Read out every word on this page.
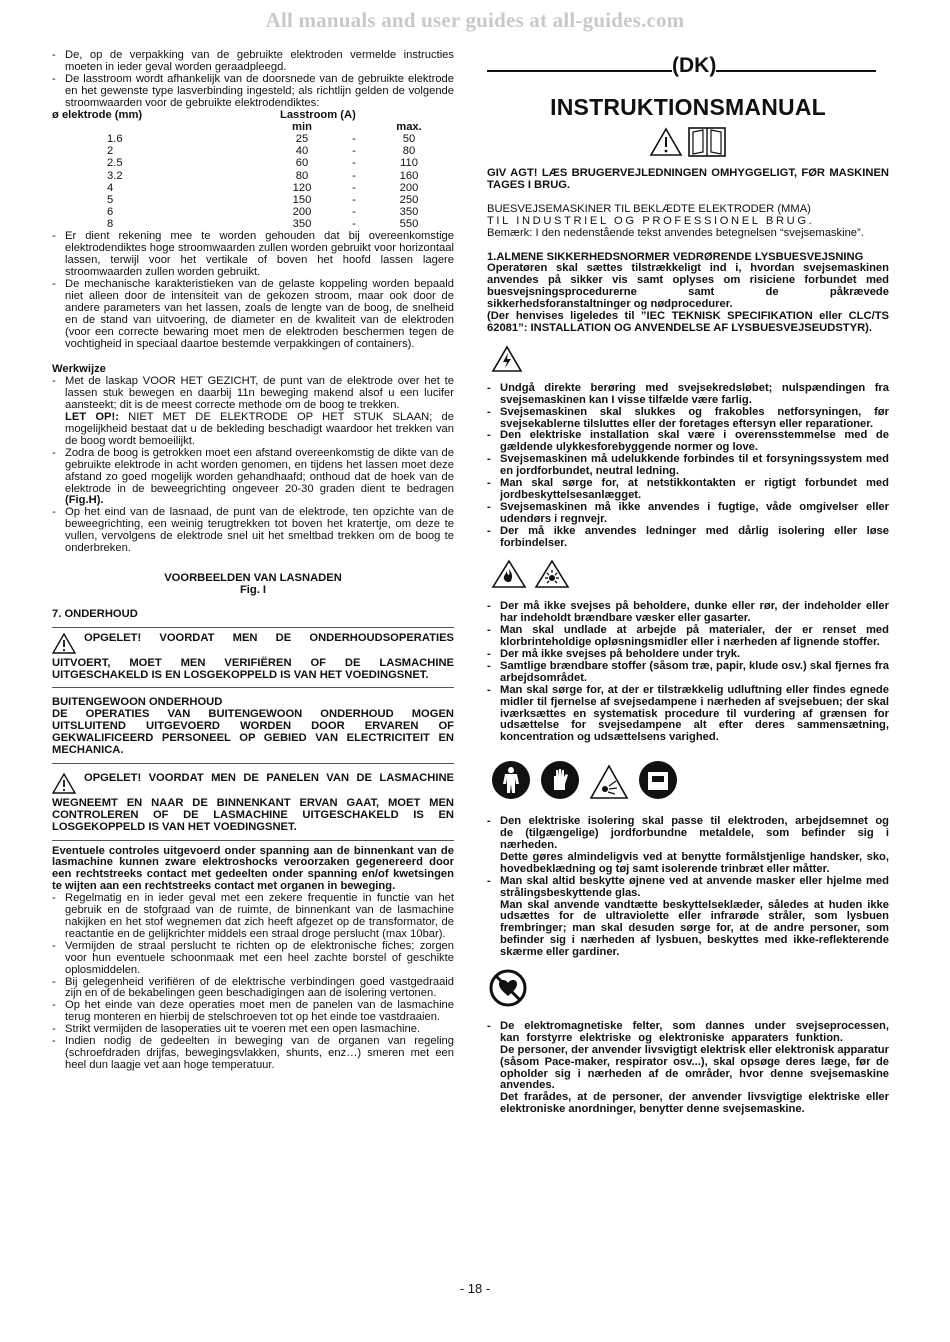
All manuals and user guides at all-guides.com
- De, op de verpakking van de gebruikte elektroden vermelde instructies moeten in ieder geval worden geraadpleegd.
- De lasstroom wordt afhankelijk van de doorsnede van de gebruikte elektrode en het gewenste type lasverbinding ingesteld; als richtlijn gelden de volgende stroomwaarden voor de gebruikte elektrodendiktes:
ø elektrode (mm)	Lasstroom (A)		
	min		max.
1.6	25	-	50
2	40	-	80
2.5	60	-	110
3.2	80	-	160
4	120	-	200
5	150	-	250
6	200	-	350
8	350	-	550
- Er dient rekening mee te worden gehouden dat bij overeenkomstige elektrodendiktes hoge stroomwaarden zullen worden gebruikt voor horizontaal lassen, terwijl voor het vertikale of boven het hoofd lassen lagere stroomwaarden zullen worden gebruikt.
- De mechanische karakteristieken van de gelaste koppeling worden bepaald niet alleen door de intensiteit van de gekozen stroom, maar ook door de andere parameters van het lassen, zoals de lengte van de boog, de snelheid en de stand van uitvoering, de diameter en de kwaliteit van de elektroden (voor een correcte bewaring moet men de elektroden beschermen tegen de vochtigheid in speciaal daartoe bestemde verpakkingen of containers).
Werkwijze
- Met de laskap VOOR HET GEZICHT, de punt van de elektrode over het te lassen stuk bewegen en daarbij 11n beweging makend alsof u een lucifer aansteekt; dit is de meest correcte methode om de boog te trekken.
LET OP!: NIET MET DE ELEKTRODE OP HET STUK SLAAN; de mogelijkheid bestaat dat u de bekleding beschadigt waardoor het trekken van de boog wordt bemoeilijkt.
- Zodra de boog is getrokken moet een afstand overeenkomstig de dikte van de gebruikte elektrode in acht worden genomen, en tijdens het lassen moet deze afstand zo goed mogelijk worden gehandhaafd; onthoud dat de hoek van de elektrode in de beweegrichting ongeveer 20-30 graden dient te bedragen (Fig.H).
- Op het eind van de lasnaad, de punt van de elektrode, ten opzichte van de beweegrichting, een weinig terugtrekken tot boven het kratertje, om deze te vullen, vervolgens de elektrode snel uit het smeltbad trekken om de boog te onderbreken.
VOORBEELDEN VAN LASNADEN
Fig. I
7. ONDERHOUD
OPGELET! VOORDAT MEN DE ONDERHOUDSOPERATIES UITVOERT, MOET MEN VERIFIËREN OF DE LASMACHINE UITGESCHAKELD IS EN LOSGEKOPPELD IS VAN HET VOEDINGSNET.
BUITENGEWOON ONDERHOUD
DE OPERATIES VAN BUITENGEWOON ONDERHOUD MOGEN UITSLUITEND UITGEVOERD WORDEN DOOR ERVAREN OF GEKWALIFICEERD PERSONEEL OP GEBIED VAN ELECTRICITEIT EN MECHANICA.
OPGELET! VOORDAT MEN DE PANELEN VAN DE LASMACHINE WEGNEEMT EN NAAR DE BINNENKANT ERVAN GAAT, MOET MEN CONTROLEREN OF DE LASMACHINE UITGESCHAKELD IS EN LOSGEKOPPELD IS VAN HET VOEDINGSNET.
Eventuele controles uitgevoerd onder spanning aan de binnenkant van de lasmachine kunnen zware elektroshocks veroorzaken gegenereerd door een rechtstreeks contact met gedeelten onder spanning en/of kwetsingen te wijten aan een rechtstreeks contact met organen in beweging.
- Regelmatig en in ieder geval met een zekere frequentie in functie van het gebruik en de stofgraad van de ruimte, de binnenkant van de lasmachine nakijken en het stof wegnemen dat zich heeft afgezet op de transformator, de reactantie en de gelijkrichter middels een straal droge perslucht (max 10bar).
- Vermijden de straal perslucht te richten op de elektronische fiches; zorgen voor hun eventuele schoonmaak met een heel zachte borstel of geschikte oplosmiddelen.
- Bij gelegenheid verifiëren of de elektrische verbindingen goed vastgedraaid zijn en of de bekabelingen geen beschadigingen aan de isolering vertonen.
- Op het einde van deze operaties moet men de panelen van de lasmachine terug monteren en hierbij de stelschroeven tot op het einde toe vastdraaien.
- Strikt vermijden de lasoperaties uit te voeren met een open lasmachine.
- Indien nodig de gedeelten in beweging van de organen van regeling (schroefdraden drijfas, bewegingsvlakken, shunts, enz…) smeren met een heel dun laagje vet aan hoge temperatuur.
(DK)
INSTRUKTIONSMANUAL

GIV AGT! LÆS BRUGERVEJLEDNINGEN OMHYGGELIGT, FØR MASKINEN TAGES I BRUG.
BUESVEJSEMASKINER TIL BEKLÆDTE ELEKTRODER (MMA)
TIL INDUSTRIEL OG PROFESSIONEL BRUG.
Bemærk: I den nedenstående tekst anvendes betegnelsen “svejsemaskine”.
1.ALMENE SIKKERHEDSNORMER VEDRØRENDE LYSBUESVEJSNING
Operatøren skal sættes tilstrækkeligt ind i, hvordan svejsemaskinen anvendes på sikker vis samt oplyses om risiciene forbundet med buesvejsningsprocedurerne samt de påkrævede sikkerhedsforanstaltninger og nødprocedurer.
(Der henvises ligeledes til ”IEC TEKNISK SPECIFIKATION eller CLC/TS 62081”: INSTALLATION OG ANVENDELSE AF LYSBUESVEJSEUDSTYR).
- Undgå direkte berøring med svejsekredsløbet; nulspændingen fra svejsemaskinen kan I visse tilfælde være farlig.
- Svejsemaskinen skal slukkes og frakobles netforsyningen, før svejsekablerne tilsluttes eller der foretages eftersyn eller reparationer.
- Den elektriske installation skal være i overensstemmelse med de gældende ulykkesforebyggende normer og love.
- Svejsemaskinen må udelukkende forbindes til et forsyningssystem med en jordforbundet, neutral ledning.
- Man skal sørge for, at netstikkontakten er rigtigt forbundet med jordbeskyttelsesanlægget.
- Svejsemaskinen må ikke anvendes i fugtige, våde omgivelser eller udendørs i regnvejr.
- Der må ikke anvendes ledninger med dårlig isolering eller løse forbindelser.

- Der må ikke svejses på beholdere, dunke eller rør, der indeholder eller har indeholdt brændbare væsker eller gasarter.
- Man skal undlade at arbejde på materialer, der er renset med klorbrinteholdige opløsningsmidler eller i nærheden af lignende stoffer.
- Der må ikke svejses på beholdere under tryk.
- Samtlige brændbare stoffer (såsom træ, papir, klude osv.) skal fjernes fra arbejdsområdet.
- Man skal sørge for, at der er tilstrækkelig udluftning eller findes egnede midler til fjernelse af svejsedampene i nærheden af svejsebuen; der skal iværksættes en systematisk procedure til vurdering af grænsen for udsættelse for svejsedampene alt efter deres sammensætning, koncentration og udsættelsens varighed.

- Den elektriske isolering skal passe til elektroden, arbejdsemnet og de (tilgængelige) jordforbundne metaldele, som befinder sig i nærheden.
Dette gøres almindeligvis ved at benytte formålstjenlige handsker, sko, hovedbeklædning og tøj samt isolerende trinbræt eller måtter.
- Man skal altid beskytte øjnene ved at anvende masker eller hjelme med strålingsbeskyttende glas.
Man skal anvende vandtætte beskyttelseklæder, således at huden ikke udsættes for de ultraviolette eller infrarøde stråler, som lysbuen frembringer; man skal desuden sørge for, at de andre personer, som befinder sig i nærheden af lysbuen, beskyttes med ikke-reflekterende skærme eller gardiner.
- De elektromagnetiske felter, som dannes under svejseprocessen, kan forstyrre elektriske og elektroniske apparaters funktion.
De personer, der anvender livsvigtigt elektrisk eller elektronisk apparatur (såsom Pace-maker, respirator osv...), skal opsøge deres læge, før de opholder sig i nærheden af de områder, hvor denne svejsemaskine anvendes.
Det frarådes, at de personer, der anvender livsvigtige elektriske eller elektroniske anordninger, benytter denne svejsemaskine.
- 18 -
